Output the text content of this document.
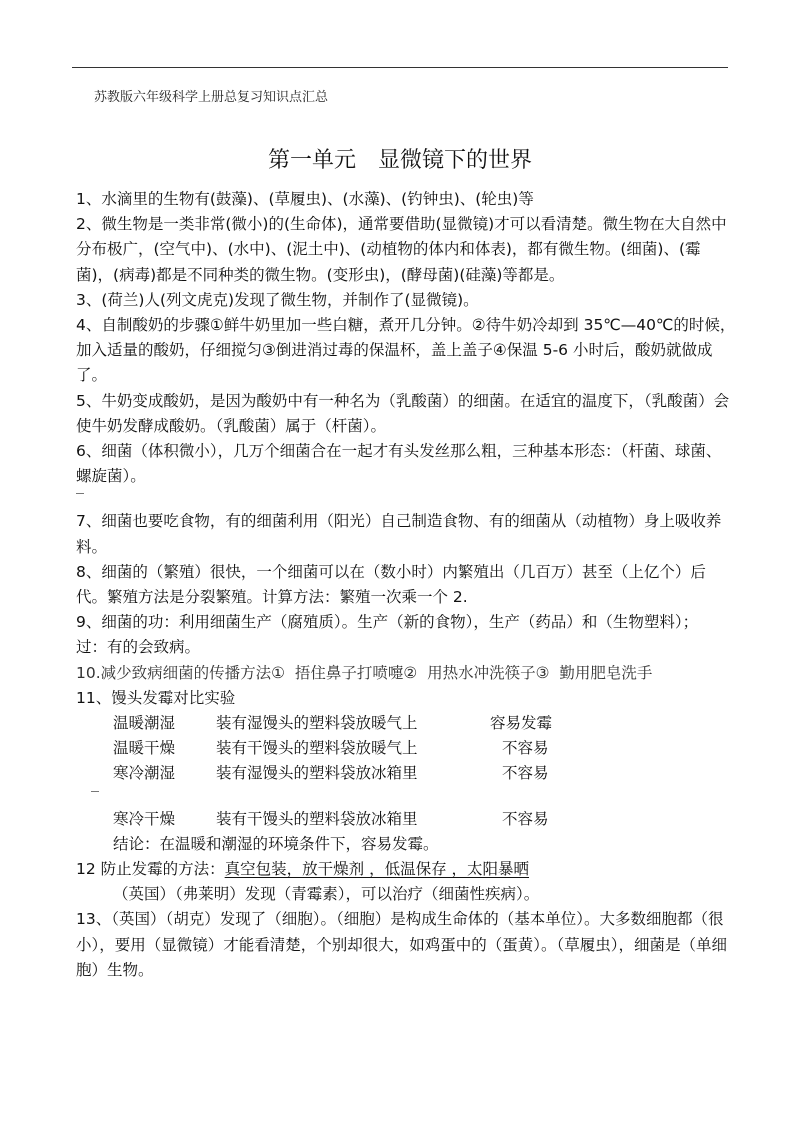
苏教版六年级科学上册总复习知识点汇总
第一单元　显微镜下的世界

1、水滴里的生物有(鼓藻)、(草履虫)、(水藻)、(钓钟虫)、(轮虫)等

2、微生物是一类非常(微小)的(生命体)，通常要借助(显微镜)才可以看清楚。微生物在大自然中分布极广，(空气中)、(水中)、(泥土中)、(动植物的体内和体表)，都有微生物。(细菌)、(霉菌)，(病毒)都是不同种类的微生物。(变形虫)，(酵母菌)(硅藻)等都是。

3、(荷兰)人(列文虎克)发现了微生物，并制作了(显微镜)。

4、自制酸奶的步骤①鲜牛奶里加一些白糖，煮开几分钟。②待牛奶冷却到 35℃—40℃的时候，加入适量的酸奶，仔细搅匀③倒进消过毒的保温杯，盖上盖子④保温 5-6 小时后，酸奶就做成了。

5、牛奶变成酸奶，是因为酸奶中有一种名为（乳酸菌）的细菌。在适宜的温度下，（乳酸菌）会使牛奶发酵成酸奶。（乳酸菌）属于（杆菌）。

6、细菌（体积微小），几万个细菌合在一起才有头发丝那么粗，三种基本形态：（杆菌、球菌、螺旋菌）。

7、细菌也要吃食物，有的细菌利用（阳光）自己制造食物、有的细菌从（动植物）身上吸收养料。

8、细菌的（繁殖）很快，一个细菌可以在（数小时）内繁殖出（几百万）甚至（上亿个）后代。繁殖方法是分裂繁殖。计算方法：繁殖一次乘一个 2.

9、细菌的功：利用细菌生产（腐殖质）。生产（新的食物），生产（药品）和（生物塑料）；          过：有的会致病。

10.减少致病细菌的传播方法①  捂住鼻子打喷嚏②  用热水冲洗筷子③  勤用肥皂洗手

11、馒头发霉对比实验

温暖潮湿	装有湿馒头的塑料袋放暖气上	容易发霉
温暖干燥	装有干馒头的塑料袋放暖气上	不容易
寒冷潮湿	装有湿馒头的塑料袋放冰箱里	不容易
寒冷干燥	装有干馒头的塑料袋放冰箱里	不容易

结论：在温暖和潮湿的环境条件下，容易发霉。

12 防止发霉的方法：真空包装，放干燥剂 ，低温保存 ，太阳暴晒

（英国）（弗莱明）发现（青霉素），可以治疗（细菌性疾病）。

13、（英国）（胡克）发现了（细胞）。（细胞）是构成生命体的（基本单位）。大多数细胞都（很小），要用（显微镜）才能看清楚，个别却很大，如鸡蛋中的（蛋黄）。（草履虫），细菌是（单细胞）生物。
